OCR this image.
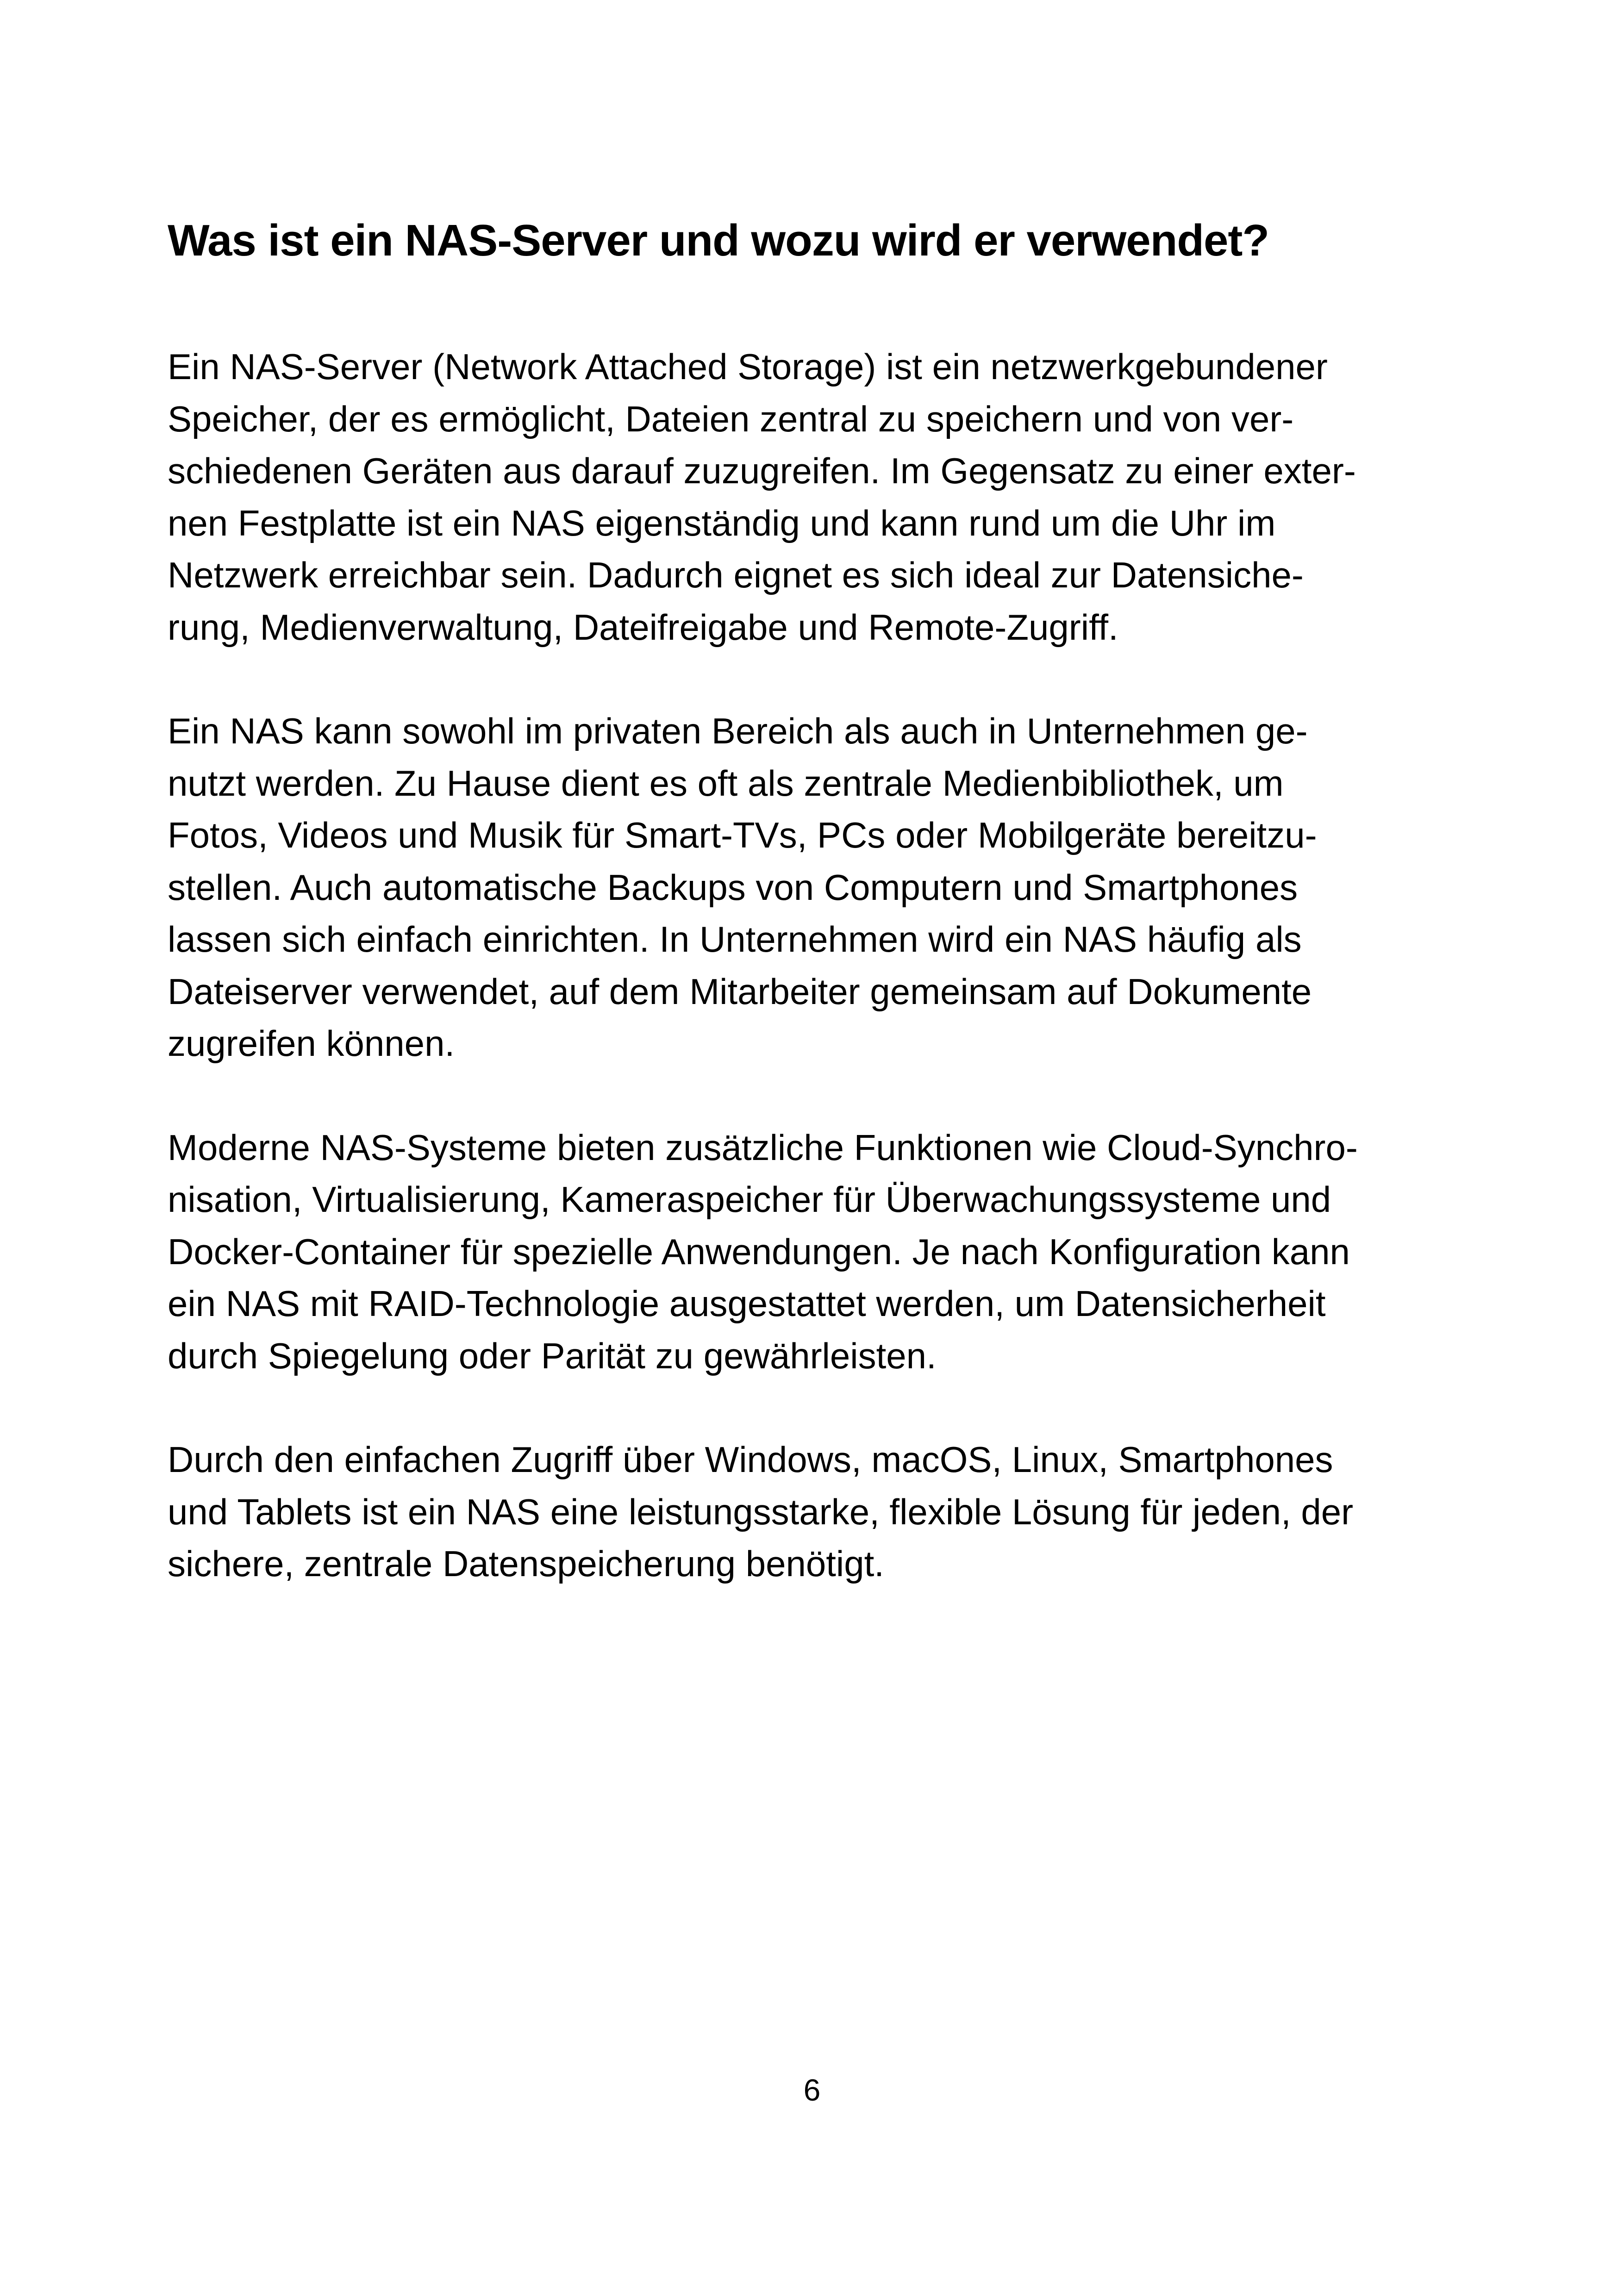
Was ist ein NAS-Server und wozu wird er verwendet?

Ein NAS-Server (Network Attached Storage) ist ein netzwerkgebundener
Speicher, der es ermöglicht, Dateien zentral zu speichern und von ver-
schiedenen Geräten aus darauf zuzugreifen. Im Gegensatz zu einer exter-
nen Festplatte ist ein NAS eigenständig und kann rund um die Uhr im
Netzwerk erreichbar sein. Dadurch eignet es sich ideal zur Datensiche-
rung, Medienverwaltung, Dateifreigabe und Remote-Zugriff.

Ein NAS kann sowohl im privaten Bereich als auch in Unternehmen ge-
nutzt werden. Zu Hause dient es oft als zentrale Medienbibliothek, um
Fotos, Videos und Musik für Smart-TVs, PCs oder Mobilgeräte bereitzu-
stellen. Auch automatische Backups von Computern und Smartphones
lassen sich einfach einrichten. In Unternehmen wird ein NAS häufig als
Dateiserver verwendet, auf dem Mitarbeiter gemeinsam auf Dokumente
zugreifen können.

Moderne NAS-Systeme bieten zusätzliche Funktionen wie Cloud-Synchro-
nisation, Virtualisierung, Kameraspeicher für Überwachungssysteme und
Docker-Container für spezielle Anwendungen. Je nach Konfiguration kann
ein NAS mit RAID-Technologie ausgestattet werden, um Datensicherheit
durch Spiegelung oder Parität zu gewährleisten.

Durch den einfachen Zugriff über Windows, macOS, Linux, Smartphones
und Tablets ist ein NAS eine leistungsstarke, flexible Lösung für jeden, der
sichere, zentrale Datenspeicherung benötigt.

6
